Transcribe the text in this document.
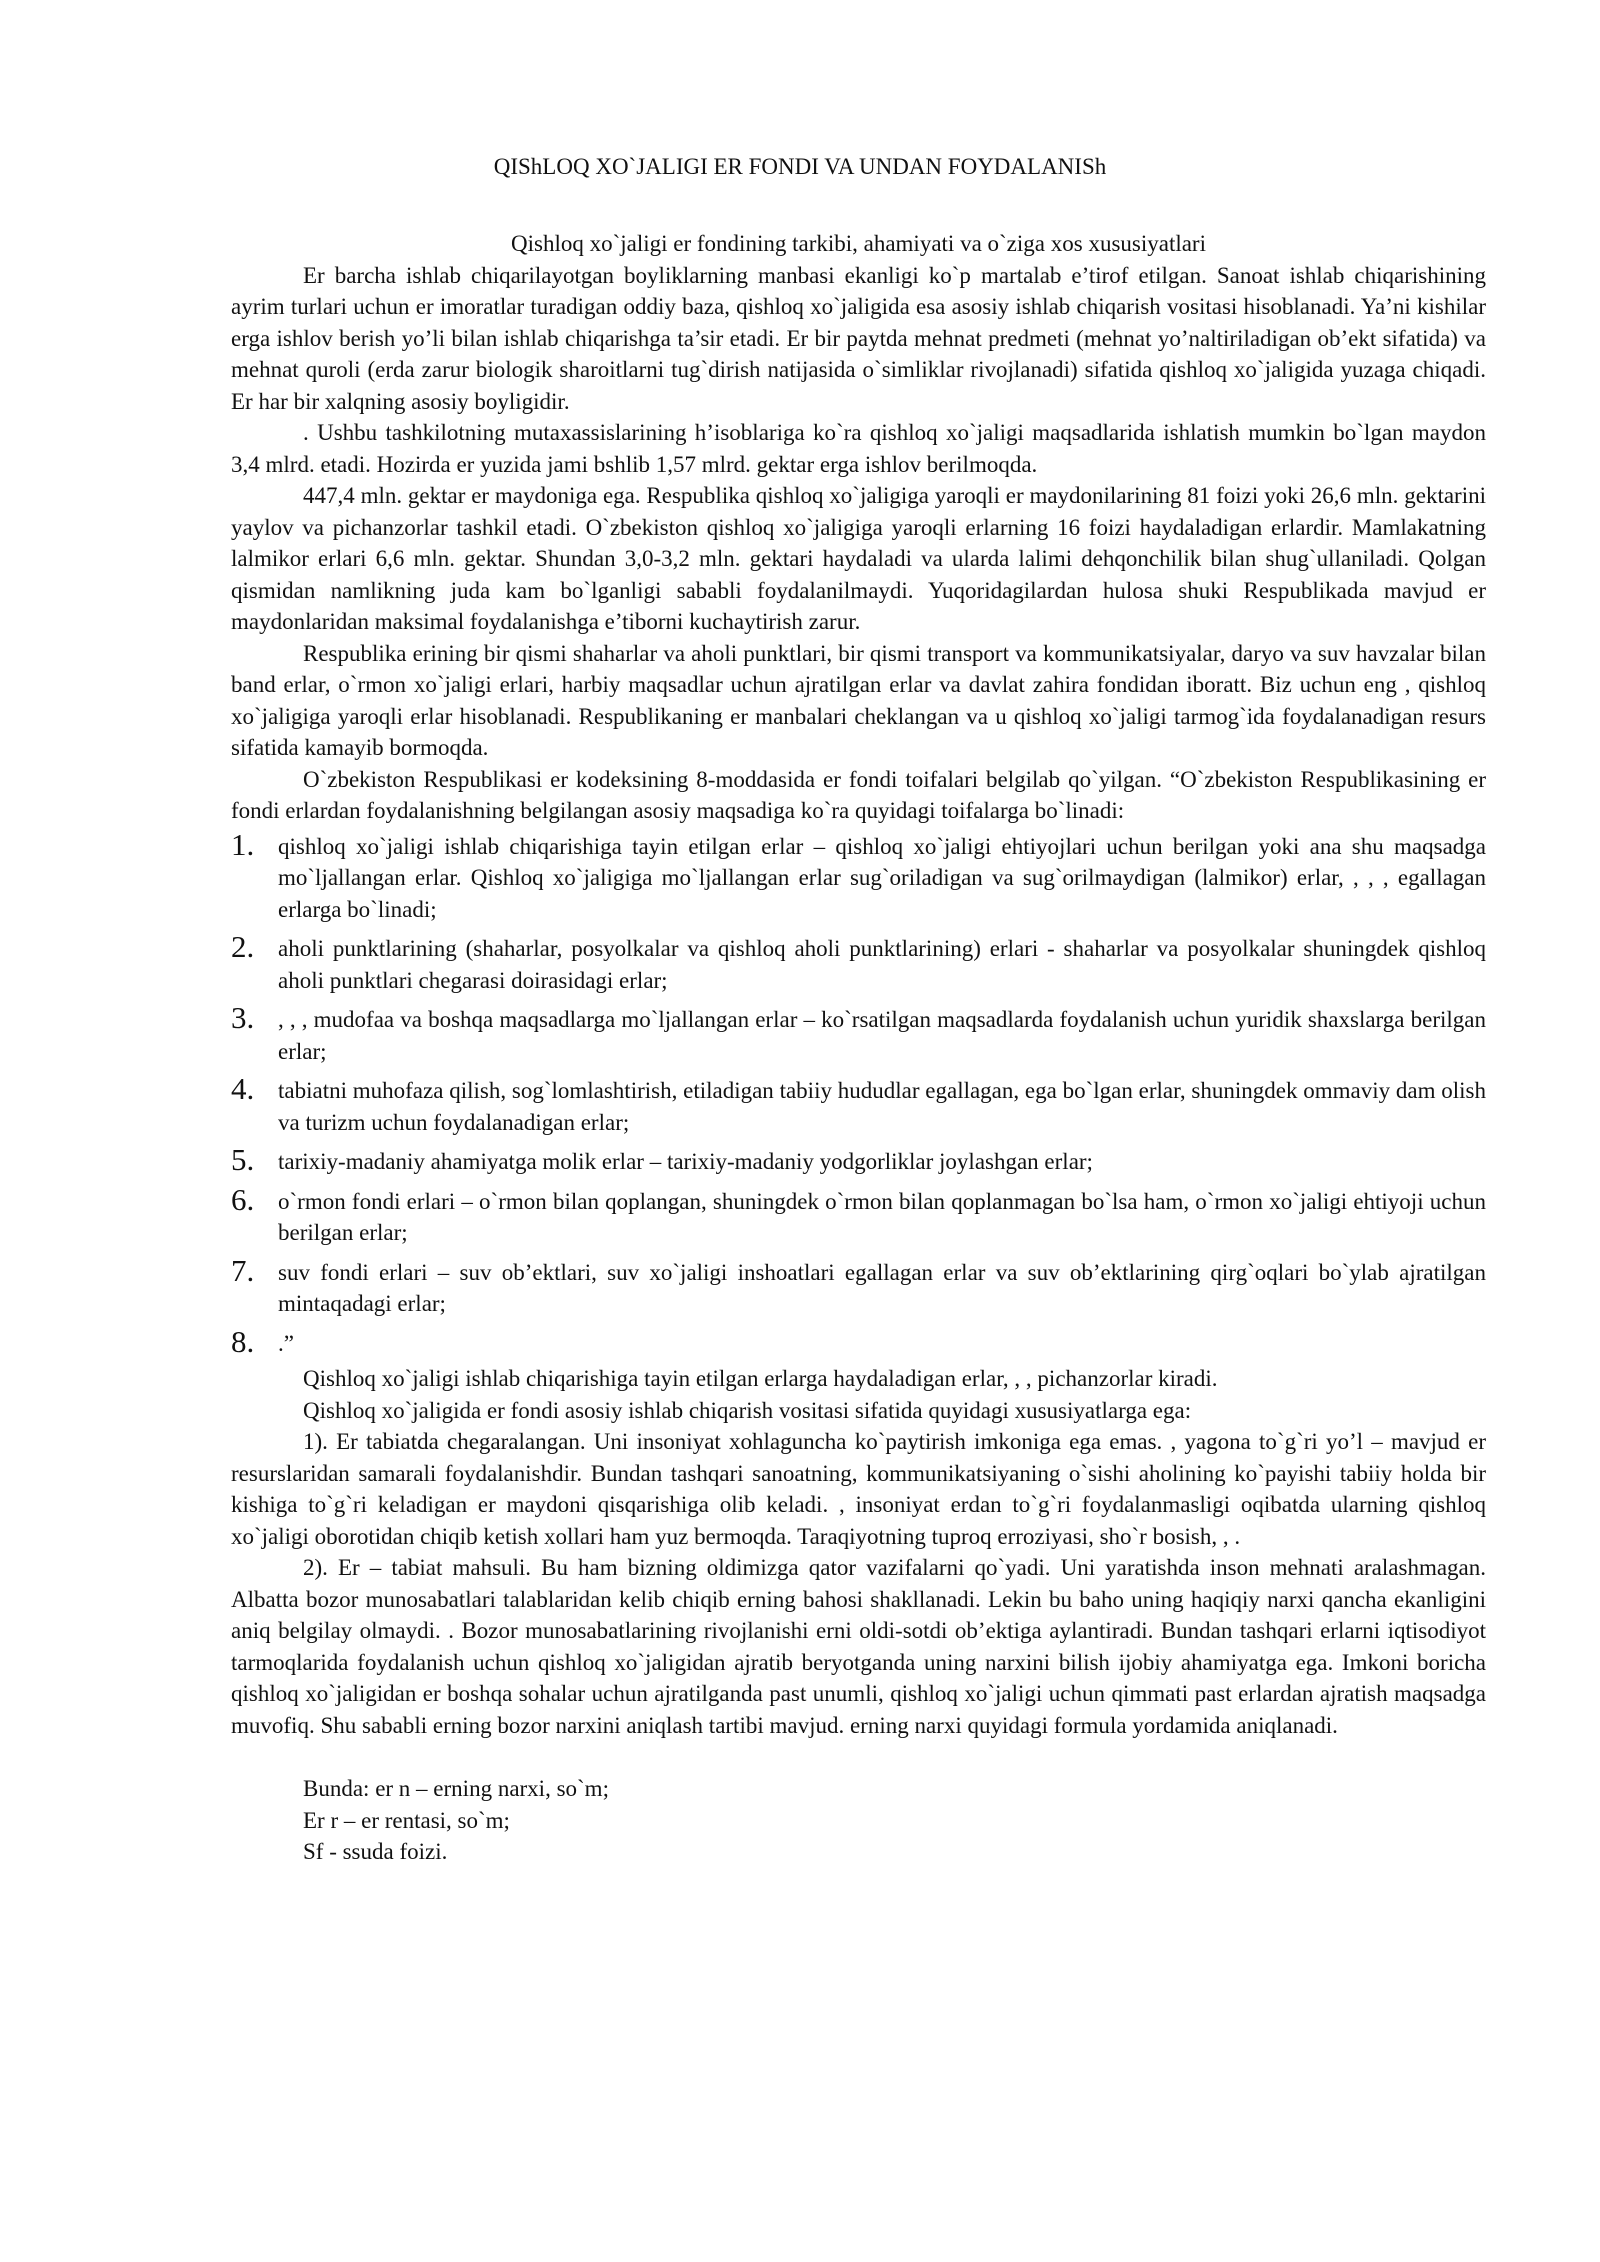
QIShLOQ XO`JALIGI ER FONDI VA UNDAN FOYDALANISh
Qishloq xo`jaligi er fondining tarkibi, ahamiyati va o`ziga xos xususiyatlari

Er barcha ishlab chiqarilayotgan boyliklarning manbasi ekanligi ko`p martalab e’tirof etilgan. Sanoat ishlab chiqarishining ayrim turlari uchun er imoratlar turadigan oddiy baza, qishloq xo`jaligida esa asosiy ishlab chiqarish vositasi hisoblanadi. Ya’ni kishilar erga ishlov berish yo’li bilan ishlab chiqarishga ta’sir etadi. Er bir paytda mehnat predmeti (mehnat yo’naltiriladigan ob’ekt sifatida) va mehnat quroli (erda zarur biologik sharoitlarni tug`dirish natijasida o`simliklar rivojlanadi) sifatida qishloq xo`jaligida yuzaga chiqadi. Er har bir xalqning asosiy boyligidir.

. Ushbu tashkilotning mutaxassislarining h’isoblariga ko`ra qishloq xo`jaligi maqsadlarida ishlatish mumkin bo`lgan maydon 3,4 mlrd. etadi. Hozirda er yuzida jami bshlib 1,57 mlrd. gektar erga ishlov berilmoqda.

447,4 mln. gektar er maydoniga ega. Respublika qishloq xo`jaligiga yaroqli er maydonilarining 81 foizi yoki 26,6 mln. gektarini yaylov va pichanzorlar tashkil etadi. O`zbekiston qishloq xo`jaligiga yaroqli erlarning 16 foizi haydaladigan erlardir. Mamlakatning lalmikor erlari 6,6 mln. gektar. Shundan 3,0-3,2 mln. gektari haydaladi va ularda lalimi dehqonchilik bilan shug`ullaniladi. Qolgan qismidan namlikning juda kam bo`lganligi sababli foydalanilmaydi. Yuqoridagilardan hulosa shuki Respublikada mavjud er maydonlaridan maksimal foydalanishga e’tiborni kuchaytirish zarur.

Respublika erining bir qismi shaharlar va aholi punktlari, bir qismi transport va kommunikatsiyalar, daryo va suv havzalar bilan band erlar, o`rmon xo`jaligi erlari, harbiy maqsadlar uchun ajratilgan erlar va davlat zahira fondidan iboratt. Biz uchun eng , qishloq xo`jaligiga yaroqli erlar hisoblanadi. Respublikaning er manbalari cheklangan va u qishloq xo`jaligi tarmog`ida foydalanadigan resurs sifatida kamayib bormoqda.

O`zbekiston Respublikasi er kodeksining 8-moddasida er fondi toifalari belgilab qo`yilgan. “O`zbekiston Respublikasining er fondi erlardan foydalanishning belgilangan asosiy maqsadiga ko`ra quyidagi toifalarga bo`linadi:

1. qishloq xo`jaligi ishlab chiqarishiga tayin etilgan erlar – qishloq xo`jaligi ehtiyojlari uchun berilgan yoki ana shu maqsadga mo`ljallangan erlar. Qishloq xo`jaligiga mo`ljallangan erlar sug`oriladigan va sug`orilmaydigan (lalmikor) erlar, , , , egallagan erlarga bo`linadi;
2. aholi punktlarining (shaharlar, posyolkalar va qishloq aholi punktlarining) erlari - shaharlar va posyolkalar shuningdek qishloq aholi punktlari chegarasi doirasidagi erlar;
3. , , , mudofaa va boshqa maqsadlarga mo`ljallangan erlar – ko`rsatilgan maqsadlarda foydalanish uchun yuridik shaxslarga berilgan erlar;
4. tabiatni muhofaza qilish, sog`lomlashtirish, etiladigan tabiiy hududlar egallagan, ega bo`lgan erlar, shuningdek ommaviy dam olish va turizm uchun foydalanadigan erlar;
5. tarixiy-madaniy ahamiyatga molik erlar – tarixiy-madaniy yodgorliklar joylashgan erlar;
6. o`rmon fondi erlari – o`rmon bilan qoplangan, shuningdek o`rmon bilan qoplanmagan bo`lsa ham, o`rmon xo`jaligi ehtiyoji uchun berilgan erlar;
7. suv fondi erlari – suv ob’ektlari, suv xo`jaligi inshoatlari egallagan erlar va suv ob’ektlarining qirg`oqlari bo`ylab ajratilgan mintaqadagi erlar;
8. .”

Qishloq xo`jaligi ishlab chiqarishiga tayin etilgan erlarga haydaladigan erlar, , , pichanzorlar kiradi.

Qishloq xo`jaligida er fondi asosiy ishlab chiqarish vositasi sifatida quyidagi xususiyatlarga ega:

1). Er tabiatda chegaralangan. Uni insoniyat xohlaguncha ko`paytirish imkoniga ega emas. , yagona to`g`ri yo’l – mavjud er resurslaridan samarali foydalanishdir. Bundan tashqari sanoatning, kommunikatsiyaning o`sishi aholining ko`payishi tabiiy holda bir kishiga to`g`ri keladigan er maydoni qisqarishiga olib keladi. , insoniyat erdan to`g`ri foydalanmasligi oqibatda ularning qishloq xo`jaligi oborotidan chiqib ketish xollari ham yuz bermoqda. Taraqiyotning tuproq erroziyasi, sho`r bosish, , .

2). Er – tabiat mahsuli. Bu ham bizning oldimizga qator vazifalarni qo`yadi. Uni yaratishda inson mehnati aralashmagan. Albatta bozor munosabatlari talablaridan kelib chiqib erning bahosi shakllanadi. Lekin bu baho uning haqiqiy narxi qancha ekanligini aniq belgilay olmaydi. . Bozor munosabatlarining rivojlanishi erni oldi-sotdi ob’ektiga aylantiradi. Bundan tashqari erlarni iqtisodiyot tarmoqlarida foydalanish uchun qishloq xo`jaligidan ajratib beryotganda uning narxini bilish ijobiy ahamiyatga ega. Imkoni boricha qishloq xo`jaligidan er boshqa sohalar uchun ajratilganda past unumli, qishloq xo`jaligi uchun qimmati past erlardan ajratish maqsadga muvofiq. Shu sababli erning bozor narxini aniqlash tartibi mavjud. erning narxi quyidagi formula yordamida aniqlanadi.

Bunda: er n – erning narxi, so`m;
Er r – er rentasi, so`m;
Sf - ssuda foizi.
